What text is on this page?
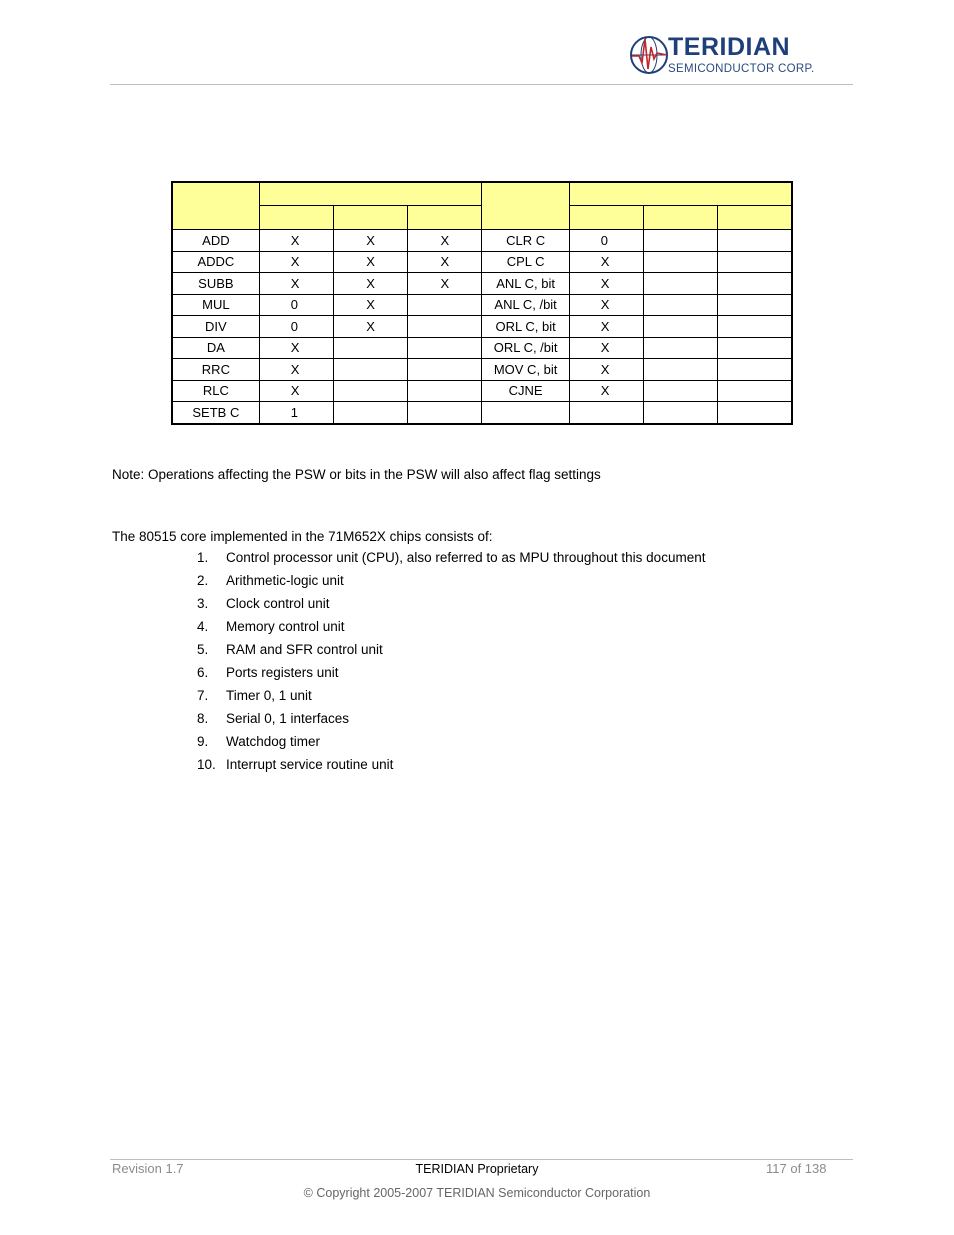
TERIDIAN
SEMICONDUCTOR CORP.

ADD	X	X	X	CLR C	0		
ADDC	X	X	X	CPL C	X		
SUBB	X	X	X	ANL C, bit	X		
MUL	0	X		ANL C, /bit	X		
DIV	0	X		ORL C, bit	X		
DA	X			ORL C, /bit	X		
RRC	X			MOV C, bit	X		
RLC	X			CJNE	X		
SETB C	1						
Note: Operations affecting the PSW or bits in the PSW will also affect flag settings
The 80515 core implemented in the 71M652X chips consists of:
1.	Control processor unit (CPU), also referred to as MPU throughout this document
2.	Arithmetic-logic unit
3.	Clock control unit
4.	Memory control unit
5.	RAM and SFR control unit
6.	Ports registers unit
7.	Timer 0, 1 unit
8.	Serial 0, 1 interfaces
9.	Watchdog timer
10. Interrupt service routine unit
Revision 1.7	TERIDIAN Proprietary	117 of 138
© Copyright 2005-2007 TERIDIAN Semiconductor Corporation
